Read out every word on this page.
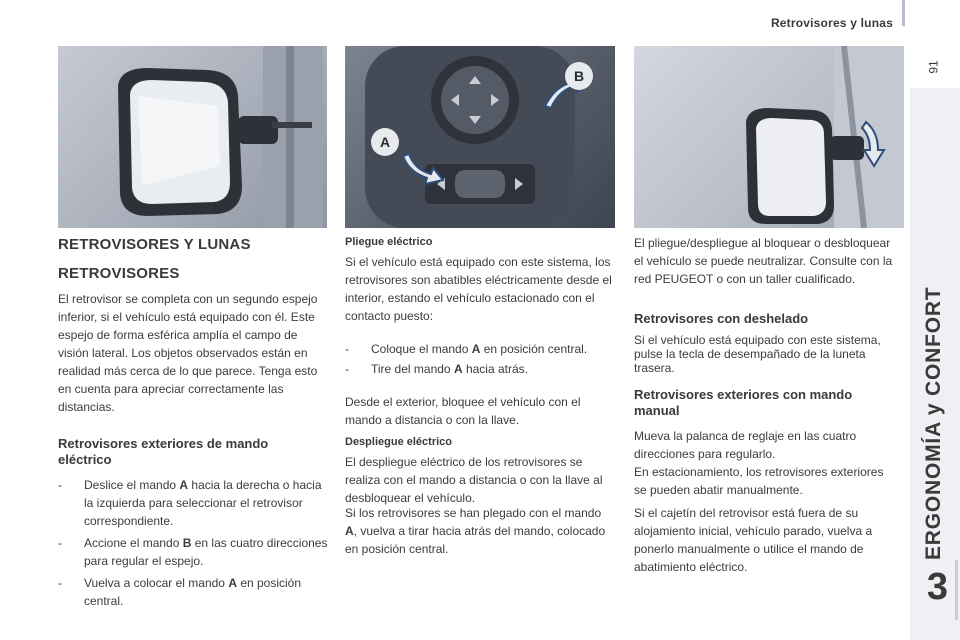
Retrovisores y lunas
91
ERGONOMÍA y CONFORT
3
B
A
RETROVISORES Y LUNAS
RETROVISORES
El retrovisor se completa con un segundo espejo inferior, si el vehículo está equipado con él. Este espejo de forma esférica amplía el campo de visión lateral. Los objetos observados están en realidad más cerca de lo que parece. Tenga esto en cuenta para apreciar correctamente las distancias.
Retrovisores exteriores de mando eléctrico
- Deslice el mando A hacia la derecha o hacia la izquierda para seleccionar el retrovisor correspondiente.
- Accione el mando B en las cuatro direcciones para regular el espejo.
- Vuelva a colocar el mando A en posición central.
Pliegue eléctrico
Si el vehículo está equipado con este sistema, los retrovisores son abatibles eléctricamente desde el interior, estando el vehículo estacionado con el contacto puesto:
- Coloque el mando A en posición central.
- Tire del mando A hacia atrás.
Desde el exterior, bloquee el vehículo con el mando a distancia o con la llave.
Despliegue eléctrico
El despliegue eléctrico de los retrovisores se realiza con el mando a distancia o con la llave al desbloquear el vehículo.
Si los retrovisores se han plegado con el mando A, vuelva a tirar hacia atrás del mando, colocado en posición central.
El pliegue/despliegue al bloquear o desbloquear el vehículo se puede neutralizar. Consulte con la red PEUGEOT o con un taller cualificado.
Retrovisores con deshelado
Si el vehículo está equipado con este sistema, pulse la tecla de desempañado de la luneta trasera.
Retrovisores exteriores con mando manual
Mueva la palanca de reglaje en las cuatro direcciones para regularlo.
En estacionamiento, los retrovisores exteriores se pueden abatir manualmente.
Si el cajetín del retrovisor está fuera de su alojamiento inicial, vehículo parado, vuelva a ponerlo manualmente o utilice el mando de abatimiento eléctrico.
